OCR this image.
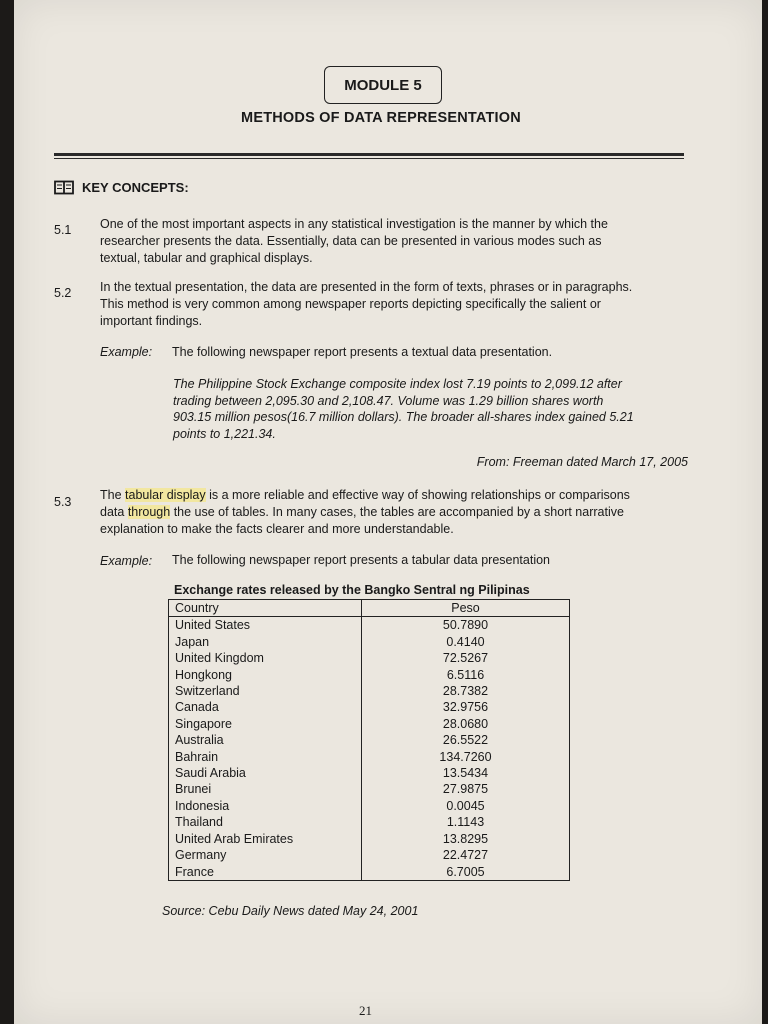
MODULE 5
METHODS OF DATA REPRESENTATION
KEY CONCEPTS:
5.1 One of the most important aspects in any statistical investigation is the manner by which the
researcher presents the data. Essentially, data can be presented in various modes such as
textual, tabular and graphical displays.
5.2 In the textual presentation, the data are presented in the form of texts, phrases or in paragraphs.
This method is very common among newspaper reports depicting specifically the salient or
important findings.
Example: The following newspaper report presents a textual data presentation.
The Philippine Stock Exchange composite index lost 7.19 points to 2,099.12 after
trading between 2,095.30 and 2,108.47. Volume was 1.29 billion shares worth
903.15 million pesos(16.7 million dollars). The broader all-shares index gained 5.21
points to 1,221.34.
From: Freeman dated March 17, 2005
5.3 The tabular display is a more reliable and effective way of showing relationships or comparisons
data through the use of tables. In many cases, the tables are accompanied by a short narrative
explanation to make the facts clearer and more understandable.
Example: The following newspaper report presents a tabular data presentation
Exchange rates released by the Bangko Sentral ng Pilipinas
Country	Peso
United States	50.7890
Japan	0.4140
United Kingdom	72.5267
Hongkong	6.5116
Switzerland	28.7382
Canada	32.9756
Singapore	28.0680
Australia	26.5522
Bahrain	134.7260
Saudi Arabia	13.5434
Brunei	27.9875
Indonesia	0.0045
Thailand	1.1143
United Arab Emirates	13.8295
Germany	22.4727
France	6.7005
Source: Cebu Daily News dated May 24, 2001
21
